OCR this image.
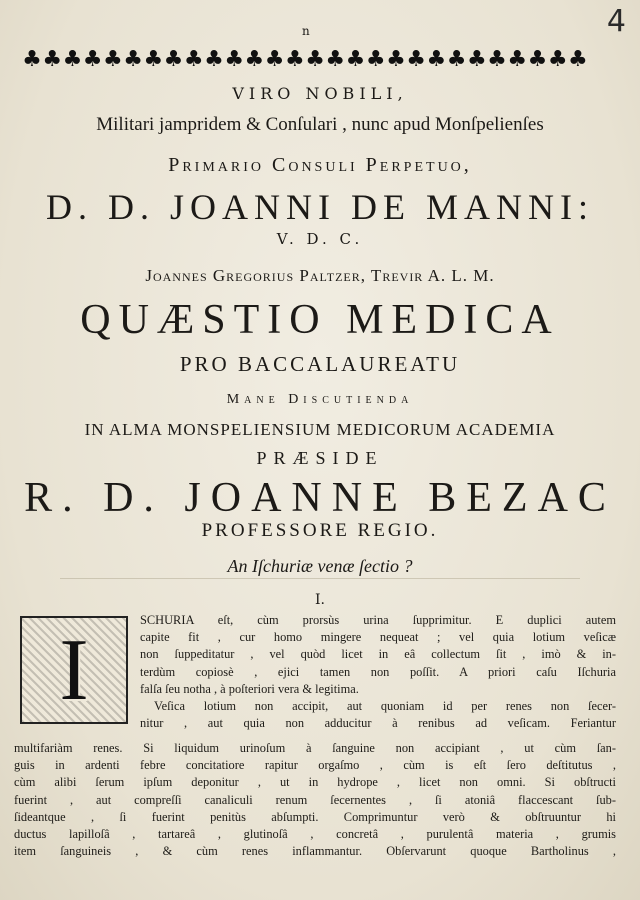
4
n
♣ ♣ ♣ ♣ ♣ ♣ ♣ ♣ ♣ ♣ ♣ ♣ ♣ ♣ ♣ ♣ ♣ ♣ ♣ ♣ ♣ ♣ ♣ ♣ ♣ ♣ ♣ ♣
VIRO NOBILI,
Militari jampridem & Conſulari , nunc apud Monſpelienſes
Primario Consuli Perpetuo,
D. D. JOANNI DE MANNI:
V. D. C.
Joannes Gregorius Paltzer, Trevir A. L. M.
QUÆSTIO MEDICA
PRO BACCALAUREATU
Mane Discutienda
IN ALMA MONSPELIENSIUM MEDICORUM ACADEMIA
PRÆSIDE
R. D. JOANNE BEZAC
PROFESSORE REGIO.
An Iſchuriæ venæ ſectio ?
I.
I

SCHURIA eſt, cùm prorsùs urina ſupprimitur. E duplici autem
capite fit , cur homo mingere nequeat ; vel quia lotium veſicæ
non ſuppeditatur , vel quòd licet in eâ collectum ſit , imò & in-
terdùm copiosè , ejici tamen non poſſit. A priori caſu Iſchuria
falſa ſeu notha , à poſteriori vera & legitima.
Veſica lotium non accipit, aut quoniam id per renes non ſecer-
nitur , aut quia non adducitur à renibus ad veſicam. Feriantur

multifariàm renes. Si liquidum urinoſum à ſanguine non accipiant , ut cùm ſan-
guis in ardenti febre concitatiore rapitur orgaſmo , cùm is eſt ſero deſtitutus ,
cùm alibi ſerum ipſum deponitur , ut in hydrope , licet non omni. Si obſtructi
fuerint , aut compreſſi canaliculi renum ſecernentes , ſi atoniâ flaccescant ſub-
ſideantque , ſi fuerint penitùs abſumpti. Comprimuntur verò & obſtruuntur hi
ductus lapilloſâ , tartareâ , glutinoſâ , concretâ , purulentâ materia , grumis
item ſanguineis , & cùm renes inflammantur. Obſervarunt quoque Bartholinus ,
